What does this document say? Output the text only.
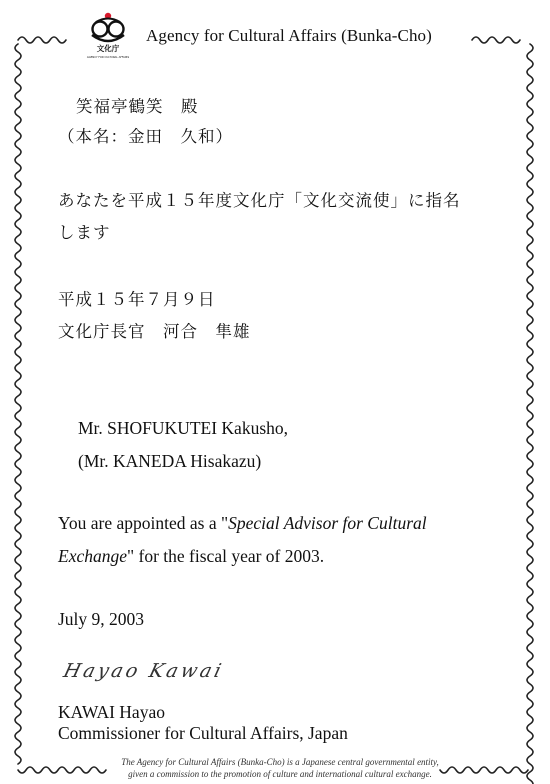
文化庁
AGENCY FOR CULTURAL AFFAIRS
Agency for Cultural Affairs (Bunka-Cho)
笑福亭鶴笑　殿
（本名：金田　久和）
あなたを平成１５年度文化庁「文化交流使」に指名
します
平成１５年７月９日
文化庁長官　河合　隼雄
Mr. SHOFUKUTEI Kakusho,
(Mr. KANEDA Hisakazu)
You are appointed as a "Special Advisor for Cultural
Exchange" for the fiscal year of 2003.
July 9, 2003
Hayao Kawai
KAWAI Hayao
Commissioner for Cultural Affairs, Japan
The Agency for Cultural Affairs (Bunka-Cho) is a Japanese central governmental entity,
given a commission to the promotion of culture and international cultural exchange.
